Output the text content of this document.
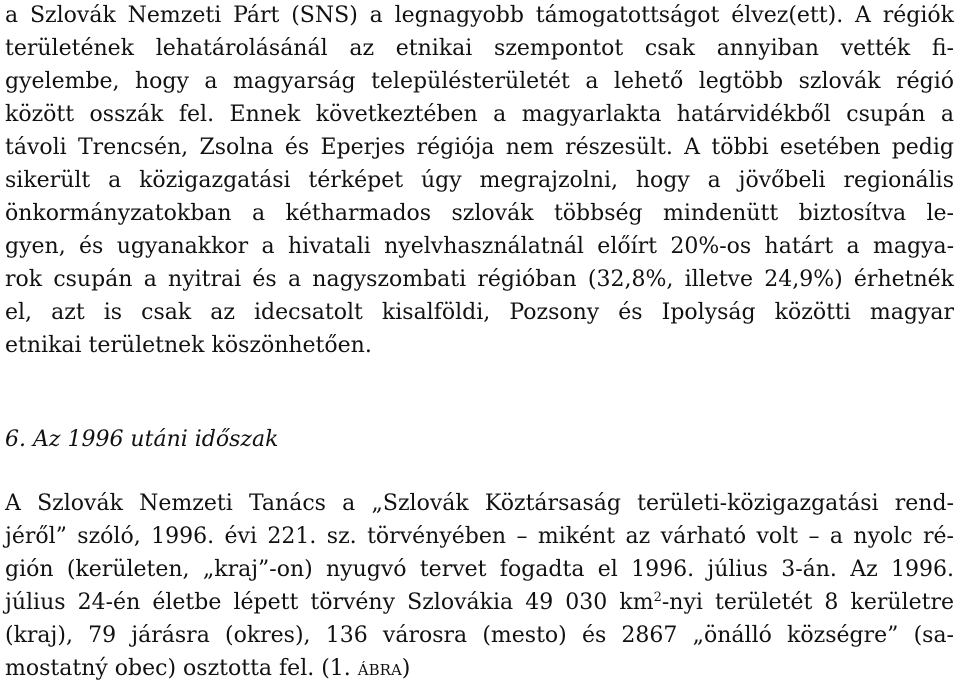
a Szlovák Nemzeti Párt (SNS) a legnagyobb támogatottságot élvez(ett). A régiók
területének lehatárolásánál az etnikai szempontot csak annyiban vették fi-
gyelembe, hogy a magyarság településterületét a lehető legtöbb szlovák régió
között osszák fel. Ennek következtében a magyarlakta határvidékből csupán a
távoli Trencsén, Zsolna és Eperjes régiója nem részesült. A többi esetében pedig
sikerült a közigazgatási térképet úgy megrajzolni, hogy a jövőbeli regionális
önkormányzatokban a kétharmados szlovák többség mindenütt biztosítva le-
gyen, és ugyanakkor a hivatali nyelvhasználatnál előírt 20%-os határt a magya-
rok csupán a nyitrai és a nagyszombati régióban (32,8%, illetve 24,9%) érhetnék
el, azt is csak az idecsatolt kisalföldi, Pozsony és Ipolyság közötti magyar
etnikai területnek köszönhetően.
6. Az 1996 utáni időszak
A Szlovák Nemzeti Tanács a „Szlovák Köztársaság területi-közigazgatási rend-
jéről” szóló, 1996. évi 221. sz. törvényében – miként az várható volt – a nyolc ré-
gión (kerületen, „kraj”-on) nyugvó tervet fogadta el 1996. július 3-án. Az 1996.
július 24-én életbe lépett törvény Szlovákia 49 030 $km^2$-nyi területét 8 kerületre
(kraj), 79 járásra (okres), 136 városra (mesto) és 2867 „önálló községre” (sa-
mostatný obec) osztotta fel. (1. ábra)
